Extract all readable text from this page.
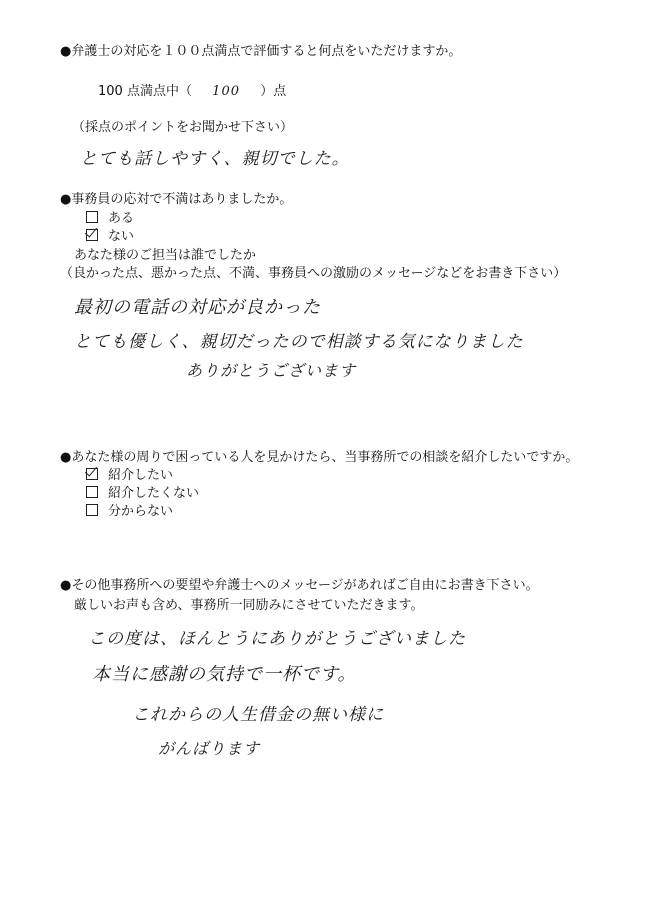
●弁護士の対応を１００点満点で評価すると何点をいただけますか。
100 点満点中（ 100 ）点
（採点のポイントをお聞かせ下さい）
とても話しやすく、親切でした。
●事務員の応対で不満はありましたか。
ある
ない
あなた様のご担当は誰でしたか
（良かった点、悪かった点、不満、事務員への激励のメッセージなどをお書き下さい）
最初の電話の対応が良かった
とても優しく、親切だったので相談する気になりました
ありがとうございます
●あなた様の周りで困っている人を見かけたら、当事務所での相談を紹介したいですか。
紹介したい
紹介したくない
分からない
●その他事務所への要望や弁護士へのメッセージがあればご自由にお書き下さい。
厳しいお声も含め、事務所一同励みにさせていただきます。
この度は、ほんとうにありがとうございました
本当に感謝の気持で一杯です。
これからの人生借金の無い様に
がんばります
